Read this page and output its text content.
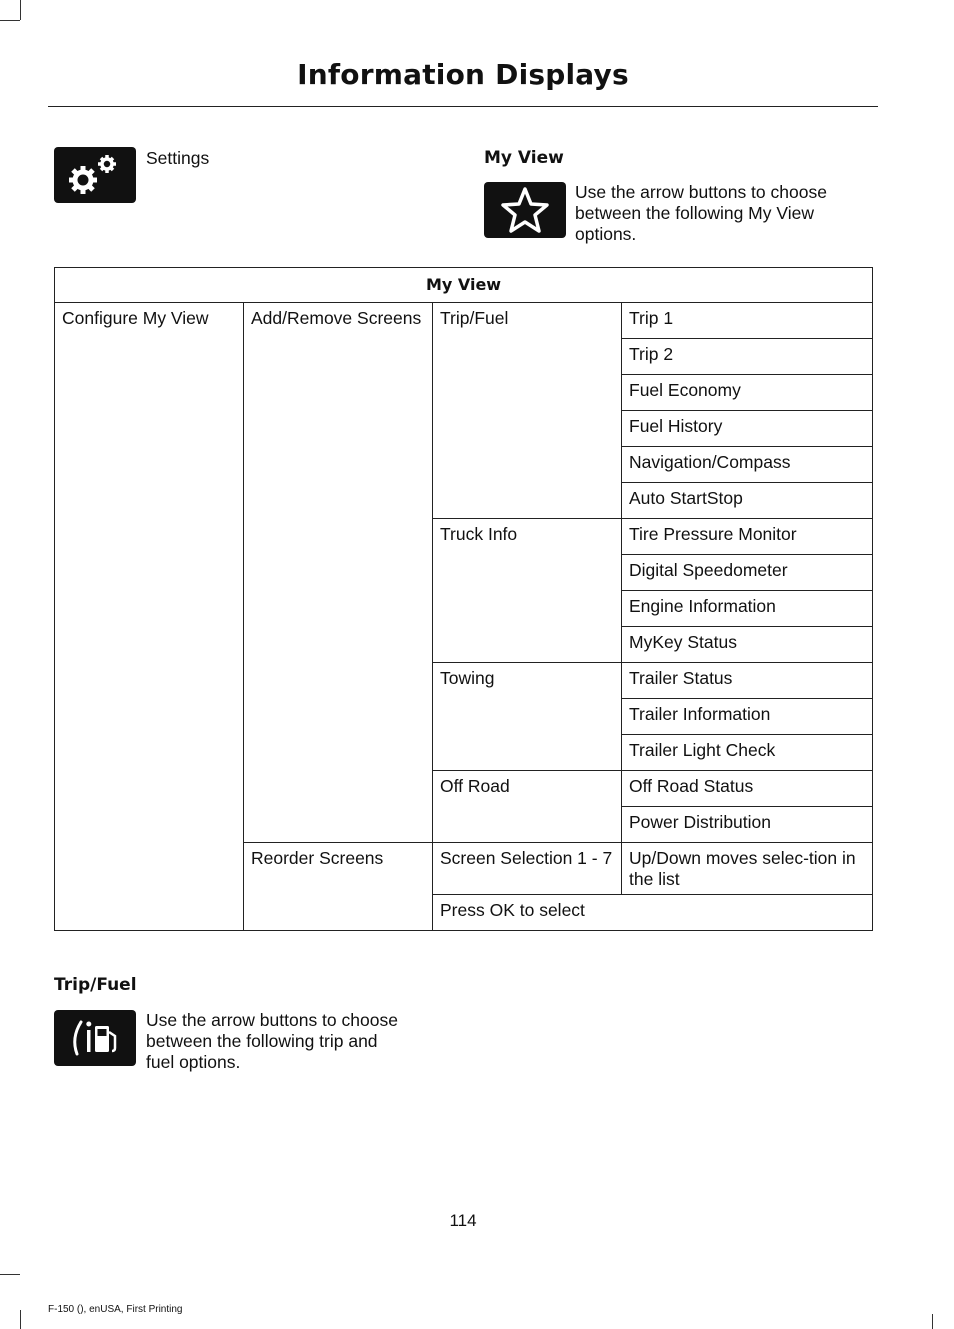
Information Displays
Settings	My View
Use the arrow buttons to choose
between the following My View
options.
My View			
Configure My View	Add/Remove Screens	Trip/Fuel	Trip 1
			Trip 2
			Fuel Economy
			Fuel History
			Navigation/Compass
			Auto StartStop
		Truck Info	Tire Pressure Monitor
			Digital Speedometer
			Engine Information
			MyKey Status
		Towing	Trailer Status
			Trailer Information
			Trailer Light Check
		Off Road	Off Road Status
			Power Distribution
	Reorder Screens	Screen Selection 1 - 7	Up/Down moves selec-tion in the list
		Press OK to select	
Trip/Fuel
Use the arrow buttons to choose
between the following trip and
fuel options.
114
F-150 (), enUSA, First Printing
